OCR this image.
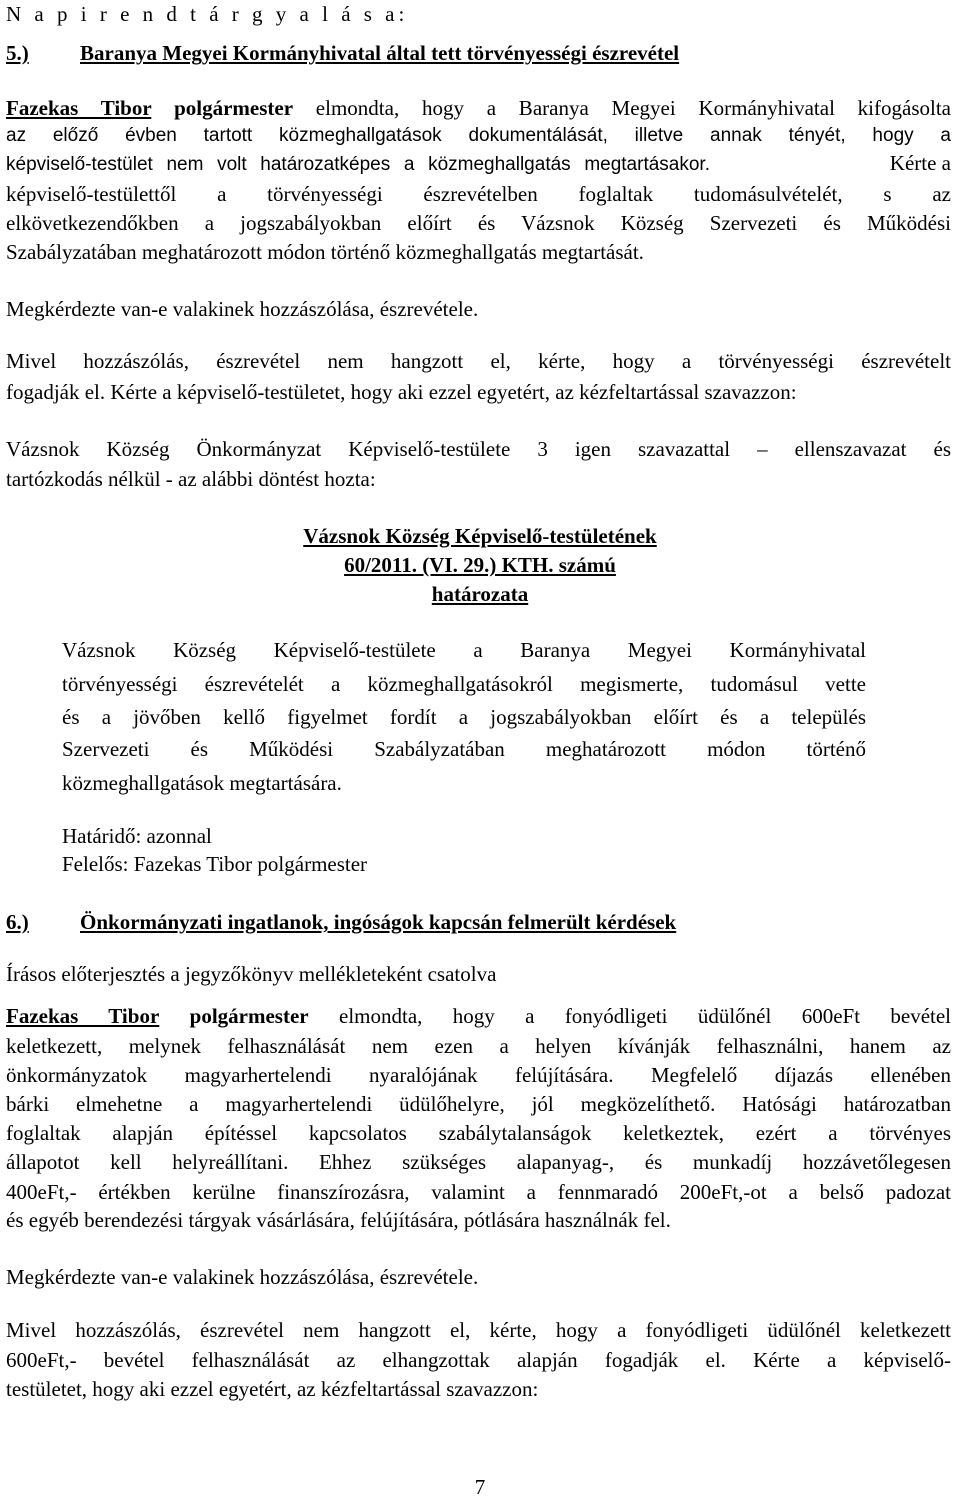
N a p i r e n d t á r g y a l á s a:
5.) Baranya Megyei Kormányhivatal által tett törvényességi észrevétel
Fazekas Tibor polgármester elmondta, hogy a Baranya Megyei Kormányhivatal kifogásolta
az előző évben tartott közmeghallgatások dokumentálását, illetve annak tényét, hogy a
képviselő-testület nem volt határozatképes a közmeghallgatás megtartásakor.	Kérte a
képviselő-testülettől a törvényességi észrevételben foglaltak tudomásulvételét, s az
elkövetkezendőkben a jogszabályokban előírt és Vázsnok Község Szervezeti és Működési
Szabályzatában meghatározott módon történő közmeghallgatás megtartását.
Megkérdezte van-e valakinek hozzászólása, észrevétele.
Mivel hozzászólás, észrevétel nem hangzott el, kérte, hogy a törvényességi észrevételt
fogadják el. Kérte a képviselő-testületet, hogy aki ezzel egyetért, az kézfeltartással szavazzon:
Vázsnok Község Önkormányzat Képviselő-testülete 3 igen szavazattal – ellenszavazat és
tartózkodás nélkül - az alábbi döntést hozta:
Vázsnok Község Képviselő-testületének
60/2011. (VI. 29.) KTH. számú
határozata
Vázsnok Község Képviselő-testülete a Baranya Megyei Kormányhivatal
törvényességi észrevételét a közmeghallgatásokról megismerte, tudomásul vette
és a jövőben kellő figyelmet fordít a jogszabályokban előírt és a település
Szervezeti és Működési Szabályzatában meghatározott módon történő
közmeghallgatások megtartására.
Határidő: azonnal
Felelős: Fazekas Tibor polgármester
6.) Önkormányzati ingatlanok, ingóságok kapcsán felmerült kérdések
Írásos előterjesztés a jegyzőkönyv mellékleteként csatolva
Fazekas Tibor polgármester elmondta, hogy a fonyódligeti üdülőnél 600eFt bevétel
keletkezett, melynek felhasználását nem ezen a helyen kívánják felhasználni, hanem az
önkormányzatok magyarhertelendi nyaralójának felújítására. Megfelelő díjazás ellenében
bárki elmehetne a magyarhertelendi üdülőhelyre, jól megközelíthető. Hatósági határozatban
foglaltak alapján építéssel kapcsolatos szabálytalanságok keletkeztek, ezért a törvényes
állapotot kell helyreállítani. Ehhez szükséges alapanyag-, és munkadíj hozzávetőlegesen
400eFt,- értékben kerülne finanszírozásra, valamint a fennmaradó 200eFt,-ot a belső padozat
és egyéb berendezési tárgyak vásárlására, felújítására, pótlására használnák fel.
Megkérdezte van-e valakinek hozzászólása, észrevétele.
Mivel hozzászólás, észrevétel nem hangzott el, kérte, hogy a fonyódligeti üdülőnél keletkezett
600eFt,- bevétel felhasználását az elhangzottak alapján fogadják el. Kérte a képviselő-
testületet, hogy aki ezzel egyetért, az kézfeltartással szavazzon:
7
